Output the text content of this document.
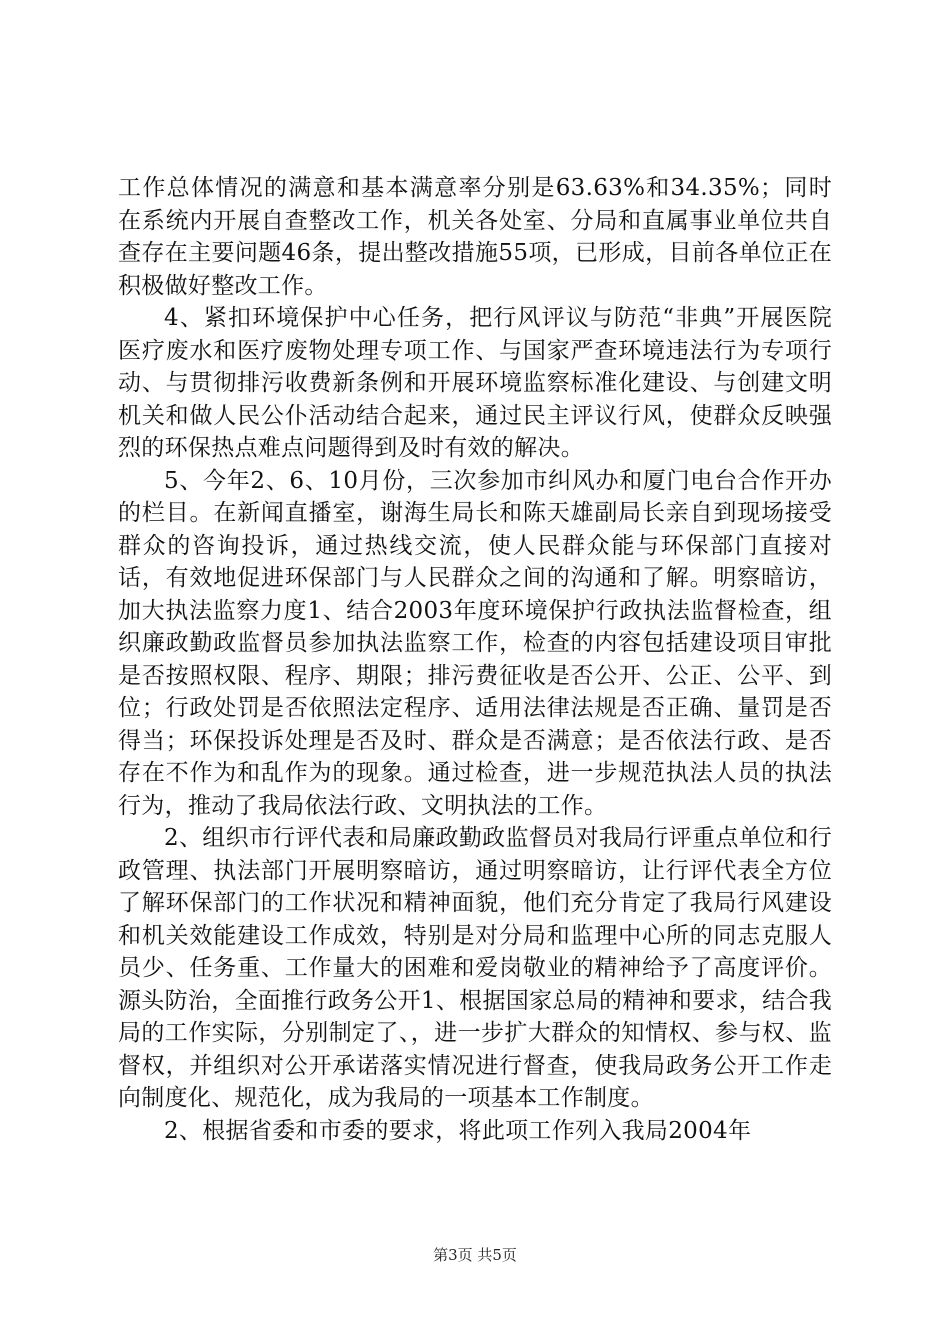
工作总体情况的满意和基本满意率分别是63.63%和34.35%；同时在系统内开展自查整改工作，机关各处室、分局和直属事业单位共自查存在主要问题46条，提出整改措施55项，已形成，目前各单位正在积极做好整改工作。

4、紧扣环境保护中心任务，把行风评议与防范“非典”开展医院医疗废水和医疗废物处理专项工作、与国家严查环境违法行为专项行动、与贯彻排污收费新条例和开展环境监察标准化建设、与创建文明机关和做人民公仆活动结合起来，通过民主评议行风，使群众反映强烈的环保热点难点问题得到及时有效的解决。

5、今年2、6、10月份，三次参加市纠风办和厦门电台合作开办的栏目。在新闻直播室，谢海生局长和陈天雄副局长亲自到现场接受群众的咨询投诉，通过热线交流，使人民群众能与环保部门直接对话，有效地促进环保部门与人民群众之间的沟通和了解。明察暗访，加大执法监察力度1、结合2003年度环境保护行政执法监督检查，组织廉政勤政监督员参加执法监察工作，检查的内容包括建设项目审批是否按照权限、程序、期限；排污费征收是否公开、公正、公平、到位；行政处罚是否依照法定程序、适用法律法规是否正确、量罚是否得当；环保投诉处理是否及时、群众是否满意；是否依法行政、是否存在不作为和乱作为的现象。通过检查，进一步规范执法人员的执法行为，推动了我局依法行政、文明执法的工作。

2、组织市行评代表和局廉政勤政监督员对我局行评重点单位和行政管理、执法部门开展明察暗访，通过明察暗访，让行评代表全方位了解环保部门的工作状况和精神面貌，他们充分肯定了我局行风建设和机关效能建设工作成效，特别是对分局和监理中心所的同志克服人员少、任务重、工作量大的困难和爱岗敬业的精神给予了高度评价。源头防治，全面推行政务公开1、根据国家总局的精神和要求，结合我局的工作实际，分别制定了、，进一步扩大群众的知情权、参与权、监督权，并组织对公开承诺落实情况进行督查，使我局政务公开工作走向制度化、规范化，成为我局的一项基本工作制度。

2、根据省委和市委的要求，将此项工作列入我局2004年

第3页 共5页
